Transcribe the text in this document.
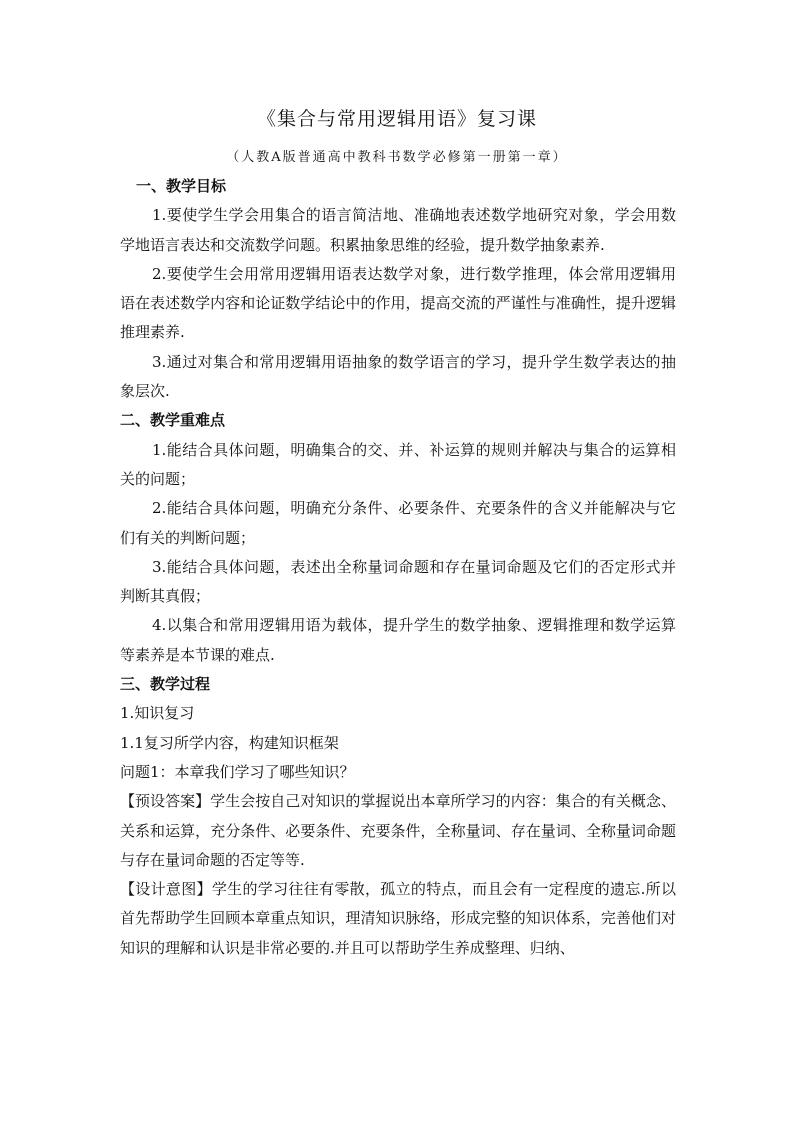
《集合与常用逻辑用语》复习课
（人教A版普通高中教科书数学必修第一册第一章）
一、教学目标
1.要使学生学会用集合的语言简洁地、准确地表述数学地研究对象，学会用数学地语言表达和交流数学问题。积累抽象思维的经验，提升数学抽象素养.
2.要使学生会用常用逻辑用语表达数学对象，进行数学推理，体会常用逻辑用语在表述数学内容和论证数学结论中的作用，提高交流的严谨性与准确性，提升逻辑推理素养.
3.通过对集合和常用逻辑用语抽象的数学语言的学习，提升学生数学表达的抽象层次.
二、教学重难点
1.能结合具体问题，明确集合的交、并、补运算的规则并解决与集合的运算相关的问题；
2.能结合具体问题，明确充分条件、必要条件、充要条件的含义并能解决与它们有关的判断问题；
3.能结合具体问题，表述出全称量词命题和存在量词命题及它们的否定形式并判断其真假；
4.以集合和常用逻辑用语为载体，提升学生的数学抽象、逻辑推理和数学运算等素养是本节课的难点.
三、教学过程
1.知识复习
1.1复习所学内容，构建知识框架
问题1：本章我们学习了哪些知识？
【预设答案】学生会按自己对知识的掌握说出本章所学习的内容：集合的有关概念、关系和运算，充分条件、必要条件、充要条件，全称量词、存在量词、全称量词命题与存在量词命题的否定等等.
【设计意图】学生的学习往往有零散，孤立的特点，而且会有一定程度的遗忘.所以首先帮助学生回顾本章重点知识，理清知识脉络，形成完整的知识体系，完善他们对知识的理解和认识是非常必要的.并且可以帮助学生养成整理、归纳、
